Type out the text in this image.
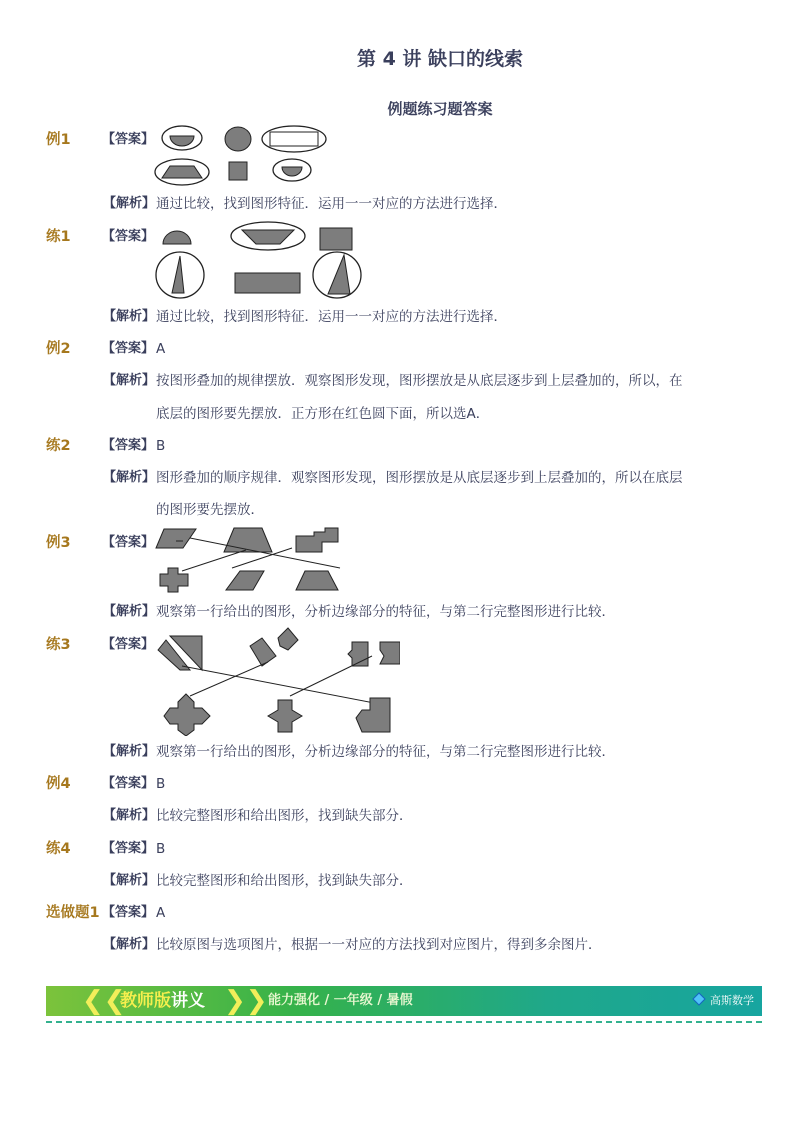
第 4 讲 缺口的线索
例题练习题答案
例1 【答案】
【解析】 通过比较，找到图形特征．运用一一对应的方法进行选择．
练1 【答案】
【解析】 通过比较，找到图形特征．运用一一对应的方法进行选择．
例2 【答案】 A
【解析】 按图形叠加的规律摆放．观察图形发现，图形摆放是从底层逐步到上层叠加的，所以，在
底层的图形要先摆放．正方形在红色圆下面，所以选A．
练2 【答案】 B
【解析】 图形叠加的顺序规律．观察图形发现，图形摆放是从底层逐步到上层叠加的，所以在底层
的图形要先摆放．
例3 【答案】
【解析】 观察第一行给出的图形，分析边缘部分的特征，与第二行完整图形进行比较．
练3 【答案】
【解析】 观察第一行给出的图形，分析边缘部分的特征，与第二行完整图形进行比较．
例4 【答案】 B
【解析】 比较完整图形和给出图形，找到缺失部分．
练4 【答案】 B
【解析】 比较完整图形和给出图形，找到缺失部分．
选做题1 【答案】 A
【解析】 比较原图与选项图片，根据一一对应的方法找到对应图片，得到多余图片．
❮❮
教师版讲义 ❯❯ 能力强化 / 一年级 / 暑假	高斯数学
